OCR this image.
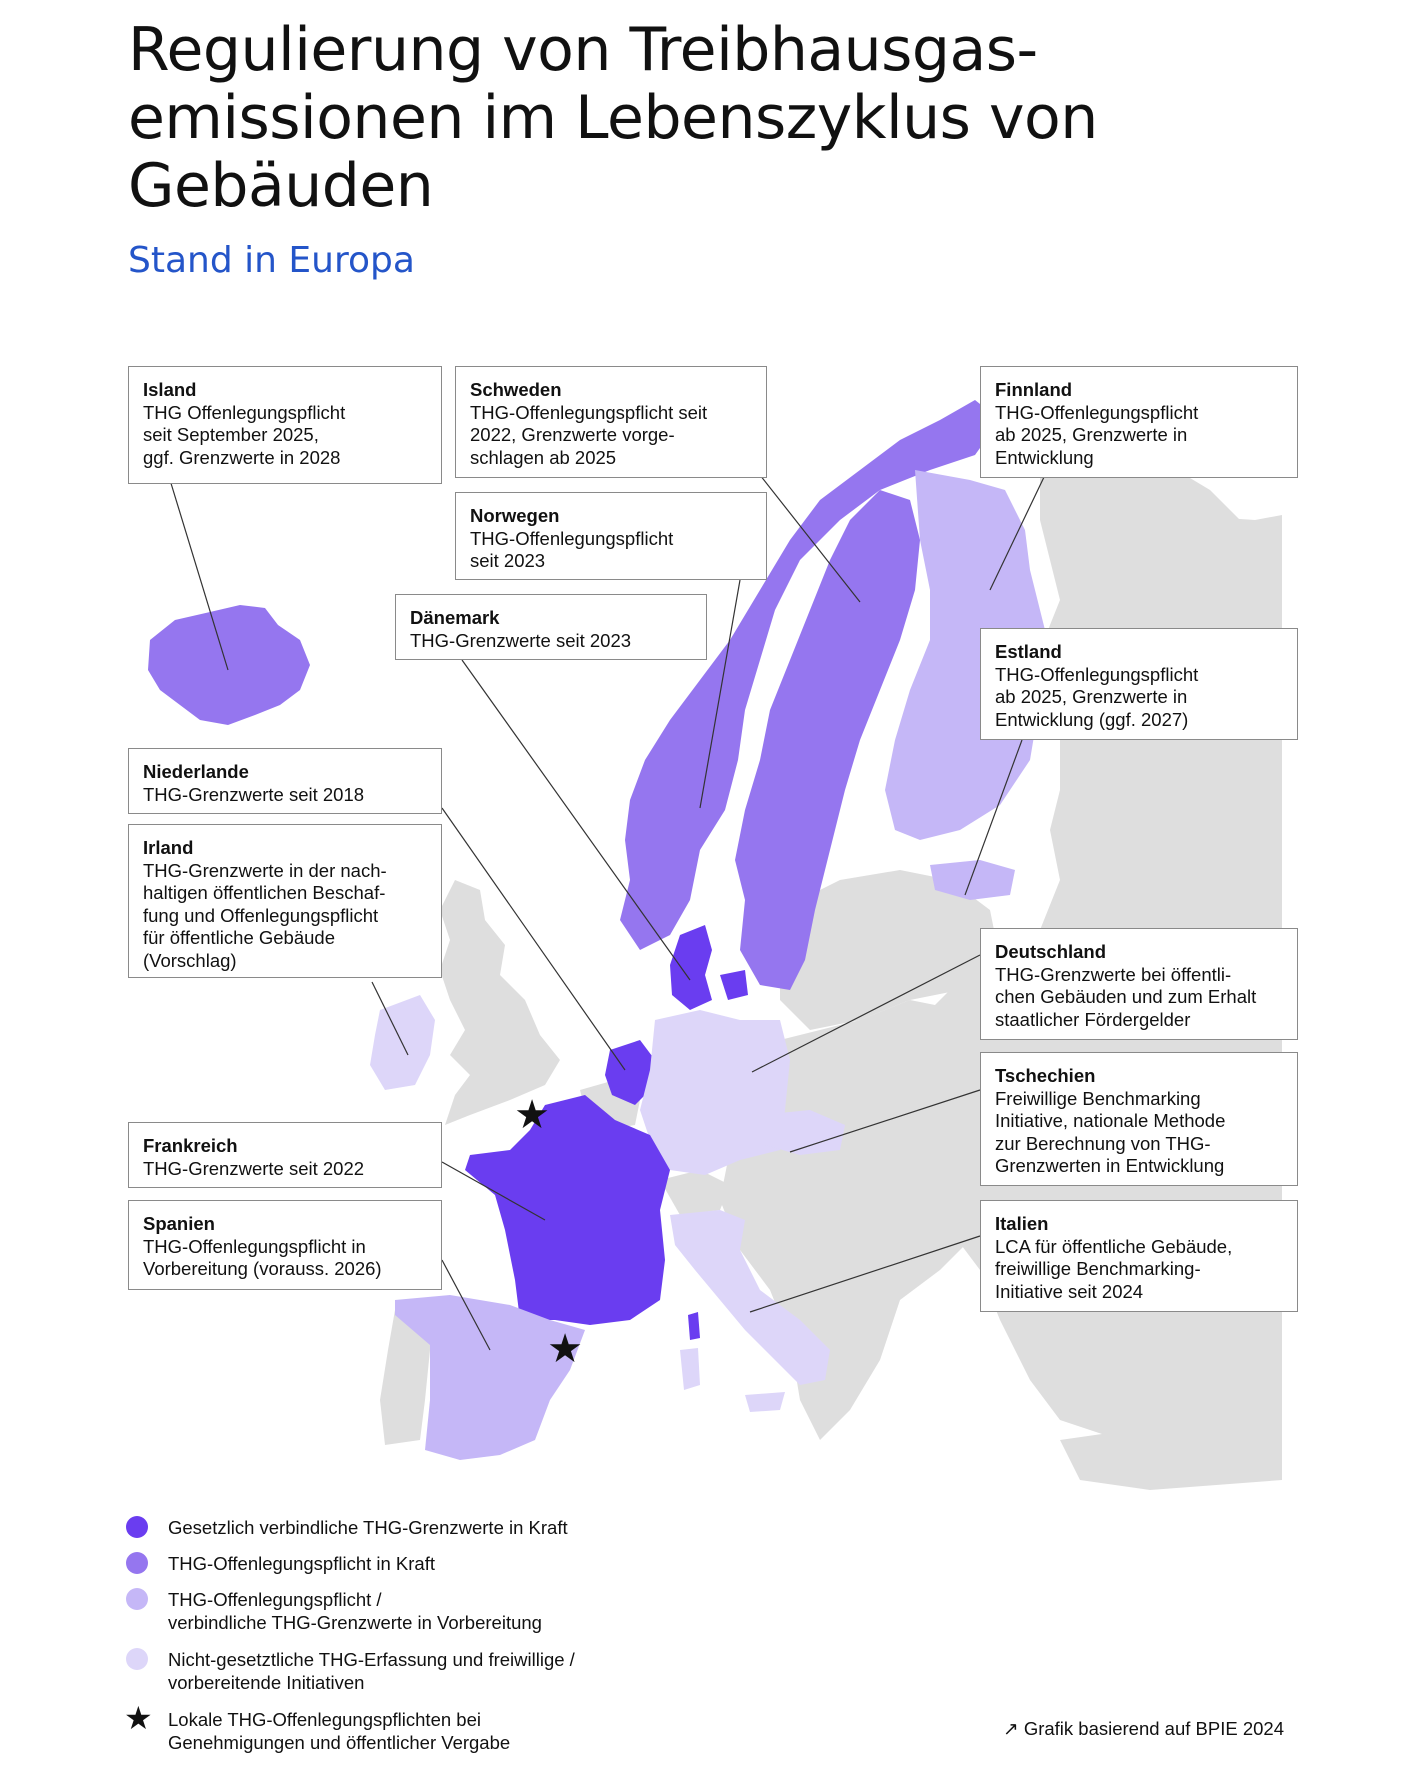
Regulierung von Treibhausgas-
emissionen im Lebenszyklus von
Gebäuden
Stand in Europa
★
★
Island
THG Offenlegungspflicht
seit September 2025,
ggf. Grenzwerte in 2028
Schweden
THG-Offenlegungspflicht seit
2022, Grenzwerte vorge-
schlagen ab 2025
Finnland
THG-Offenlegungspflicht
ab 2025, Grenzwerte in
Entwicklung
Norwegen
THG-Offenlegungspflicht
seit 2023
Dänemark
THG-Grenzwerte seit 2023
Estland
THG-Offenlegungspflicht
ab 2025, Grenzwerte in
Entwicklung (ggf. 2027)
Niederlande
THG-Grenzwerte seit 2018
Irland
THG-Grenzwerte in der nach-
haltigen öffentlichen Beschaf-
fung und Offenlegungspflicht
für öffentliche Gebäude
(Vorschlag)	Deutschland
THG-Grenzwerte bei öffentli-
chen Gebäuden und zum Erhalt
staatlicher Fördergelder
Tschechien
Freiwillige Benchmarking
Initiative, nationale Methode
zur Berechnung von THG-
Grenzwerten in Entwicklung
Frankreich
THG-Grenzwerte seit 2022
Spanien
THG-Offenlegungspflicht in
Vorbereitung (vorauss. 2026)
Italien
LCA für öffentliche Gebäude,
freiwillige Benchmarking-
Initiative seit 2024
Gesetzlich verbindliche THG-Grenzwerte in Kraft
THG-Offenlegungspflicht in Kraft
THG-Offenlegungspflicht /
verbindliche THG-Grenzwerte in Vorbereitung
Nicht-gesetztliche THG-Erfassung und freiwillige /
vorbereitende Initiativen
★ Lokale THG-Offenlegungspflichten bei
Genehmigungen und öffentlicher Vergabe
↗ Grafik basierend auf BPIE 2024
